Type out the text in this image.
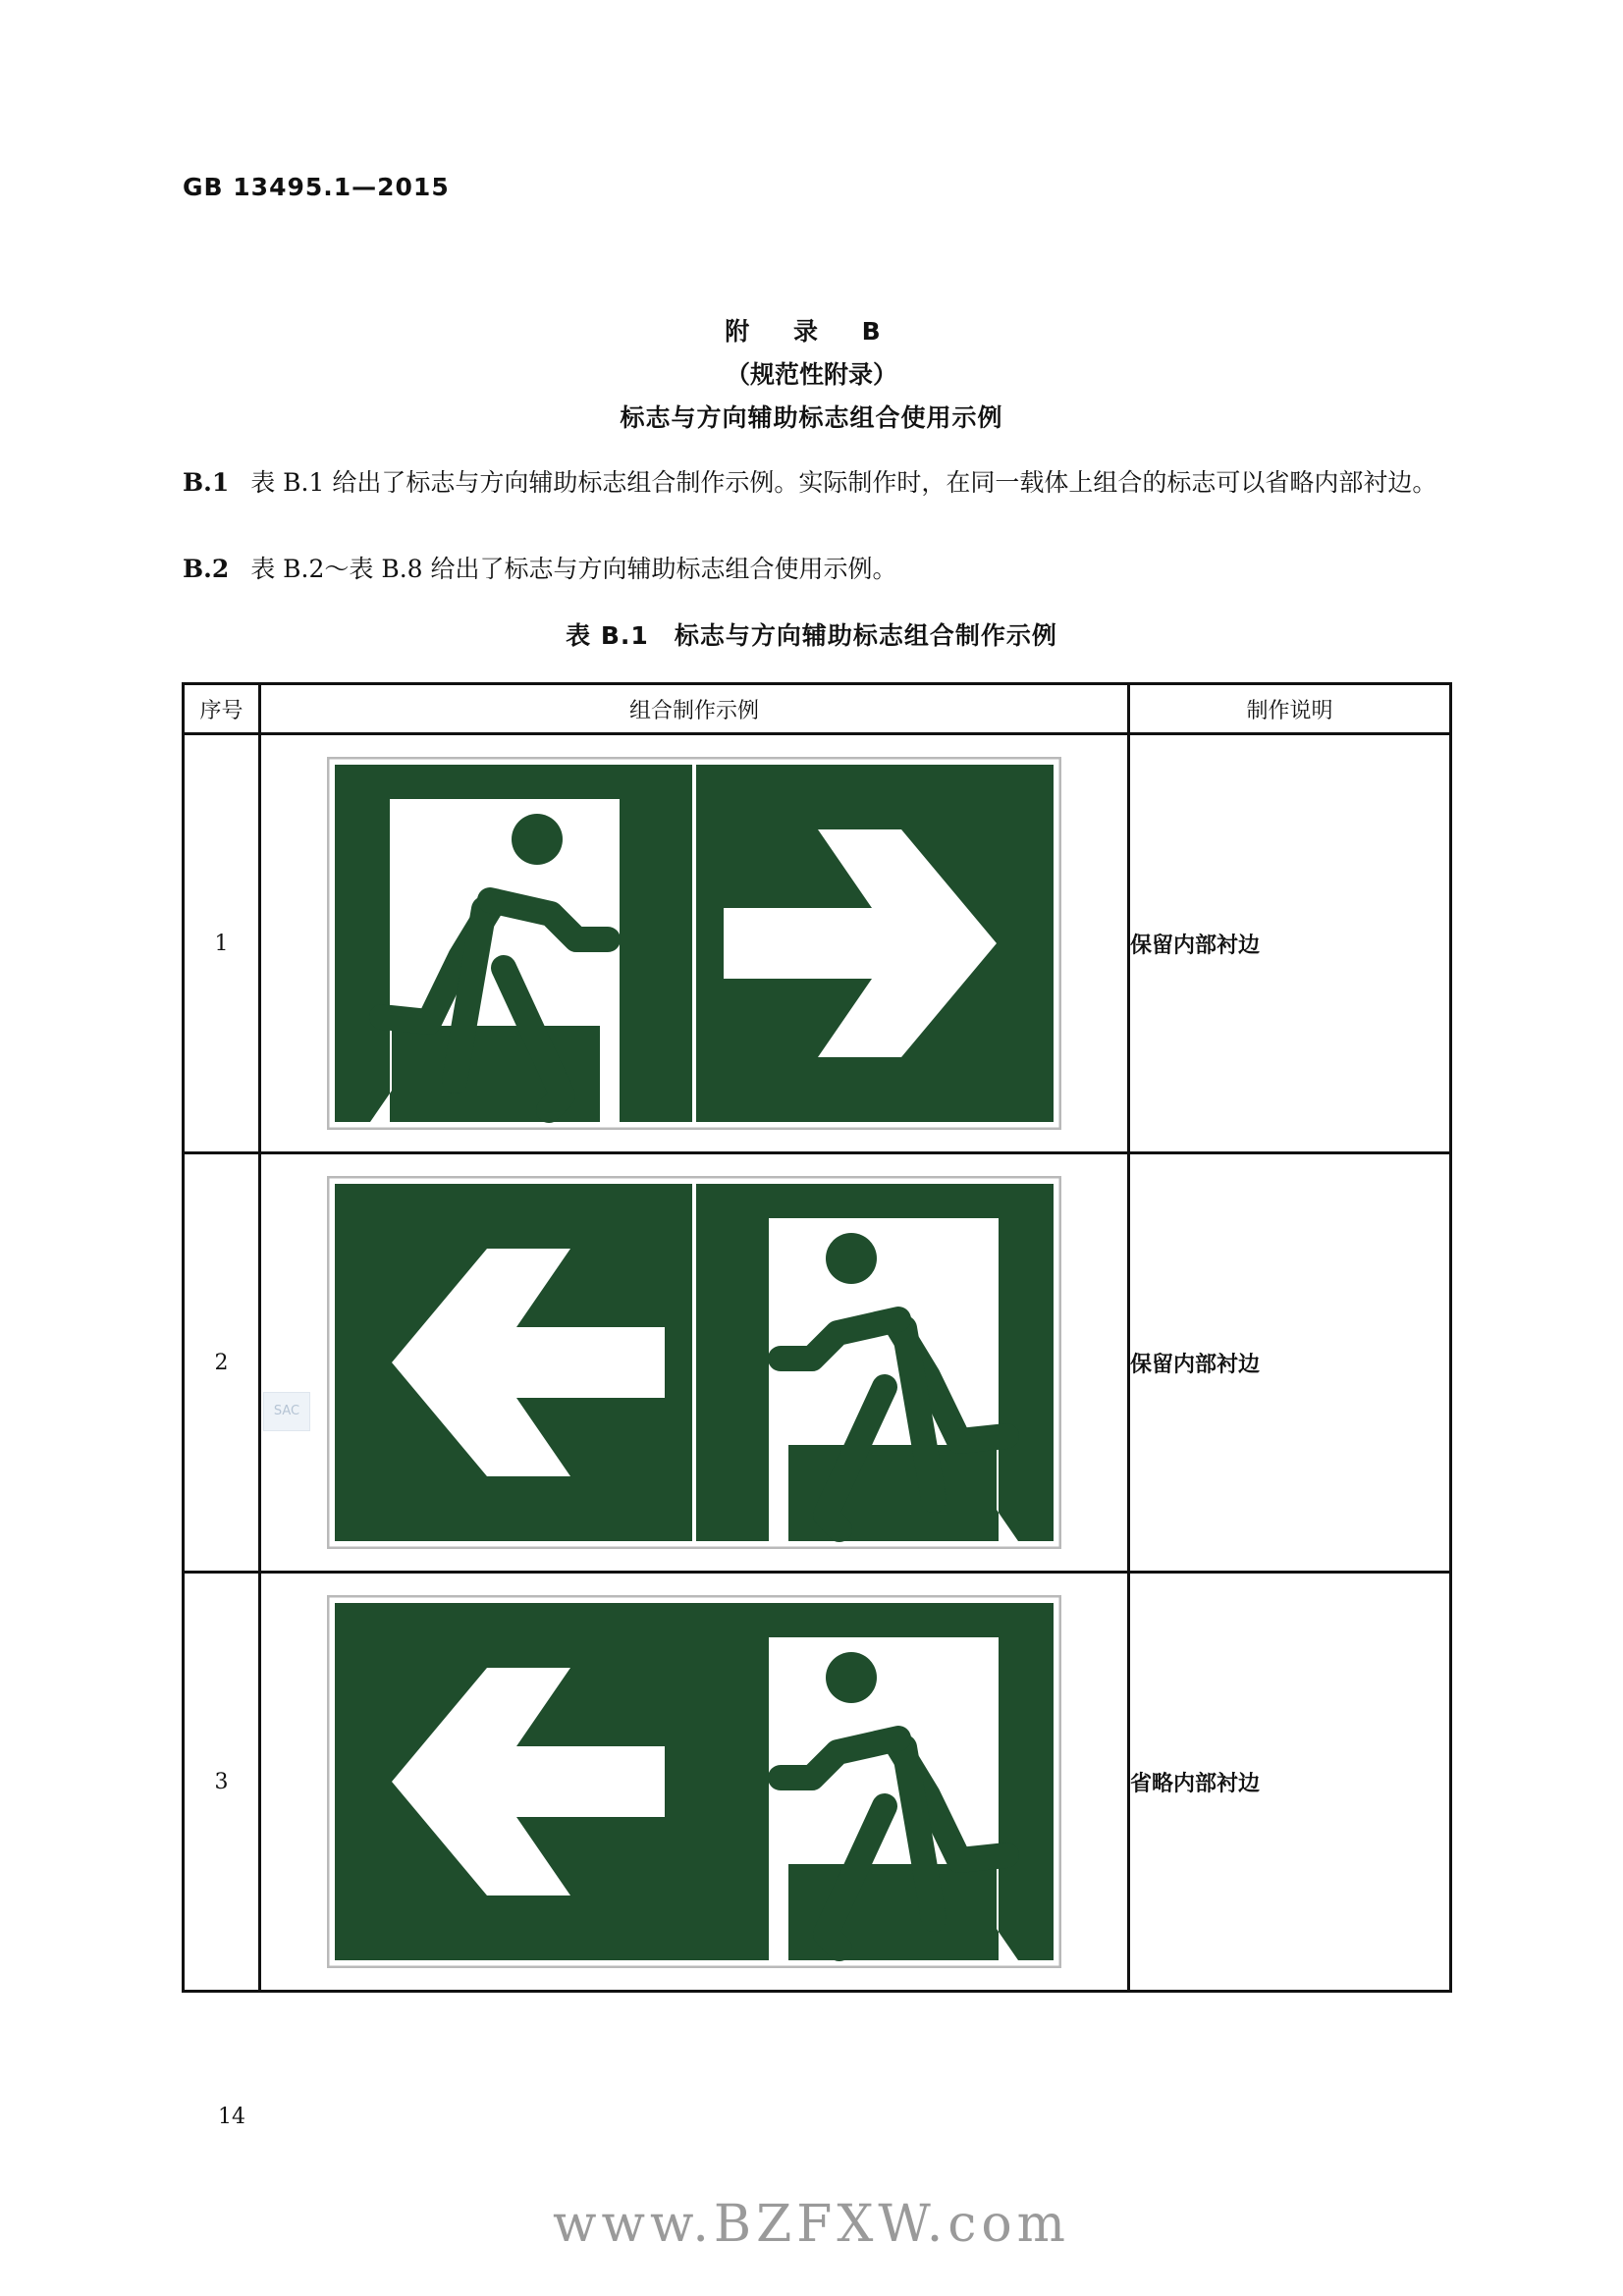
GB 13495.1—2015
附 录 B
（规范性附录）
标志与方向辅助标志组合使用示例
B.1 表 B.1 给出了标志与方向辅助标志组合制作示例。实际制作时，在同一载体上组合的标志可以省略内部衬边。
B.2 表 B.2～表 B.8 给出了标志与方向辅助标志组合使用示例。
表 B.1 标志与方向辅助标志组合制作示例
序号	组合制作示例	制作说明
1		保留内部衬边
2		保留内部衬边
3		省略内部衬边
SAC
14
www.BZFXW.com
